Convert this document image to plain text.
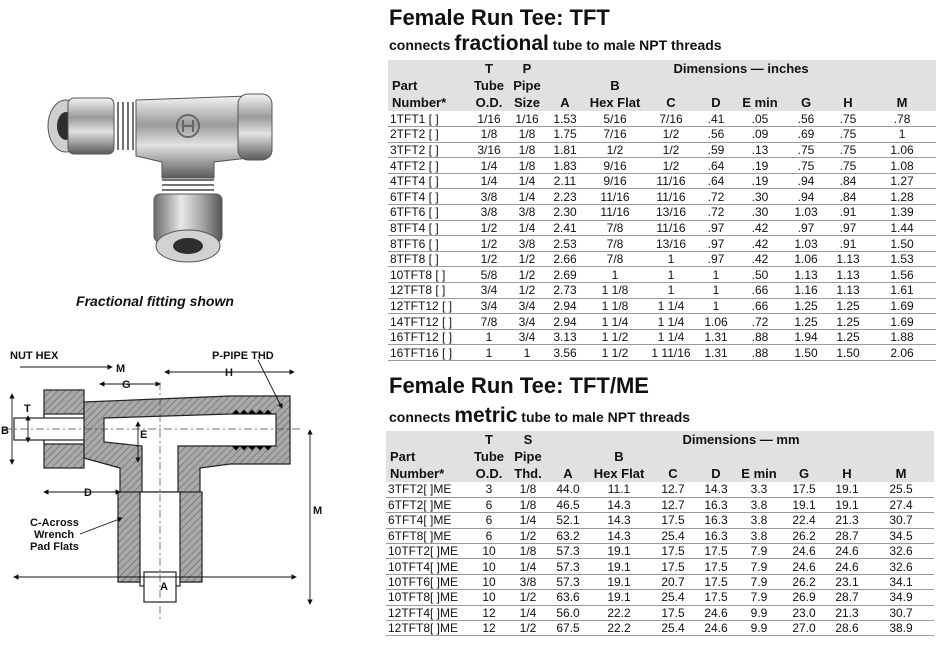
Fractional fitting shown
NUT HEX	P-PIPE THD
M
G
H
B
T
E
D
M
C-Across
Wrench
Pad Flats
A
Female Run Tee: TFT

connects fractional tube to male NPT threads

	T	P	Dimensions — inches							
Part	Tube	Pipe		B						
Number*	O.D.	Size	A	Hex Flat	C	D	E min	G	H	M
1TFT1 [ ]	1/16	1/16	1.53	5/16	7/16	.41	.05	.56	.75	.78
2TFT2 [ ]	1/8	1/8	1.75	7/16	1/2	.56	.09	.69	.75	1
3TFT2 [ ]	3/16	1/8	1.81	1/2	1/2	.59	.13	.75	.75	1.06
4TFT2 [ ]	1/4	1/8	1.83	9/16	1/2	.64	.19	.75	.75	1.08
4TFT4 [ ]	1/4	1/4	2.11	9/16	11/16	.64	.19	.94	.84	1.27
6TFT4 [ ]	3/8	1/4	2.23	11/16	11/16	.72	.30	.94	.84	1.28
6TFT6 [ ]	3/8	3/8	2.30	11/16	13/16	.72	.30	1.03	.91	1.39
8TFT4 [ ]	1/2	1/4	2.41	7/8	11/16	.97	.42	.97	.97	1.44
8TFT6 [ ]	1/2	3/8	2.53	7/8	13/16	.97	.42	1.03	.91	1.50
8TFT8 [ ]	1/2	1/2	2.66	7/8	1	.97	.42	1.06	1.13	1.53
10TFT8 [ ]	5/8	1/2	2.69	1	1	1	.50	1.13	1.13	1.56
12TFT8 [ ]	3/4	1/2	2.73	1 1/8	1	1	.66	1.16	1.13	1.61
12TFT12 [ ]	3/4	3/4	2.94	1 1/8	1 1/4	1	.66	1.25	1.25	1.69
14TFT12 [ ]	7/8	3/4	2.94	1 1/4	1 1/4	1.06	.72	1.25	1.25	1.69
16TFT12 [ ]	1	3/4	3.13	1 1/2	1 1/4	1.31	.88	1.94	1.25	1.88
16TFT16 [ ]	1	1	3.56	1 1/2	1 11/16	1.31	.88	1.50	1.50	2.06
Female Run Tee: TFT/ME

connects metric tube to male NPT threads

	T	S	Dimensions — mm							
Part	Tube	Pipe		B						
Number*	O.D.	Thd.	A	Hex Flat	C	D	E min	G	H	M
3TFT2[ ]ME	3	1/8	44.0	11.1	12.7	14.3	3.3	17.5	19.1	25.5
6TFT2[ ]ME	6	1/8	46.5	14.3	12.7	16.3	3.8	19.1	19.1	27.4
6TFT4[ ]ME	6	1/4	52.1	14.3	17.5	16.3	3.8	22.4	21.3	30.7
6TFT8[ ]ME	6	1/2	63.2	14.3	25.4	16.3	3.8	26.2	28.7	34.5
10TFT2[ ]ME	10	1/8	57.3	19.1	17.5	17.5	7.9	24.6	24.6	32.6
10TFT4[ ]ME	10	1/4	57.3	19.1	17.5	17.5	7.9	24.6	24.6	32.6
10TFT6[ ]ME	10	3/8	57.3	19.1	20.7	17.5	7.9	26.2	23.1	34.1
10TFT8[ ]ME	10	1/2	63.6	19.1	25.4	17.5	7.9	26.9	28.7	34.9
12TFT4[ ]ME	12	1/4	56.0	22.2	17.5	24.6	9.9	23.0	21.3	30.7
12TFT8[ ]ME	12	1/2	67.5	22.2	25.4	24.6	9.9	27.0	28.6	38.9
